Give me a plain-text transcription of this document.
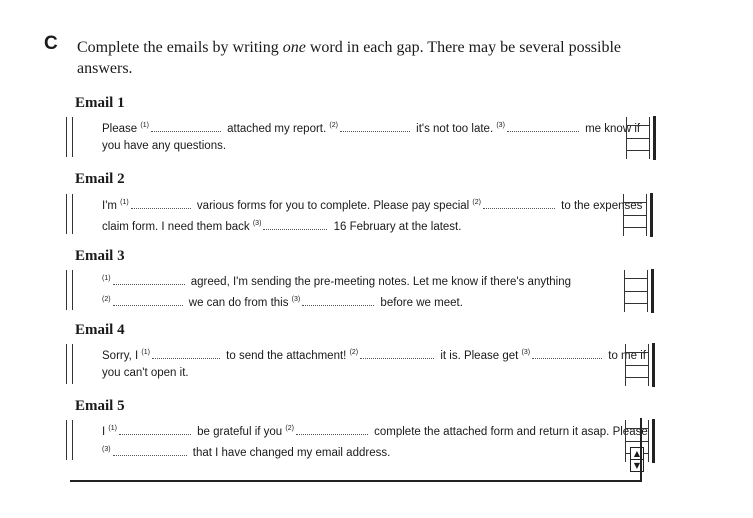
C Complete the emails by writing one word in each gap. There may be several possible answers.
Email 1
Please $^{(1)}$	attached my report. $^{(2)}$	it's not too late. $^{(3)}$	me know if
you have any questions.
Email 2
I'm $^{(1)}$	various forms for you to complete. Please pay special $^{(2)}$	to the expenses
claim form. I need them back $^{(3)}$	16 February at the latest.
Email 3
$^{(1)}$	agreed, I'm sending the pre-meeting notes. Let me know if there's anything
$^{(2)}$	we can do from this $^{(3)}$	before we meet.
Email 4
Sorry, I $^{(1)}$	to send the attachment! $^{(2)}$	it is. Please get $^{(3)}$	to me if
you can't open it.
Email 5
I $^{(1)}$	be grateful if you $^{(2)}$	complete the attached form and return it asap. Please
$^{(3)}$	that I have changed my email address.	▲
▼
